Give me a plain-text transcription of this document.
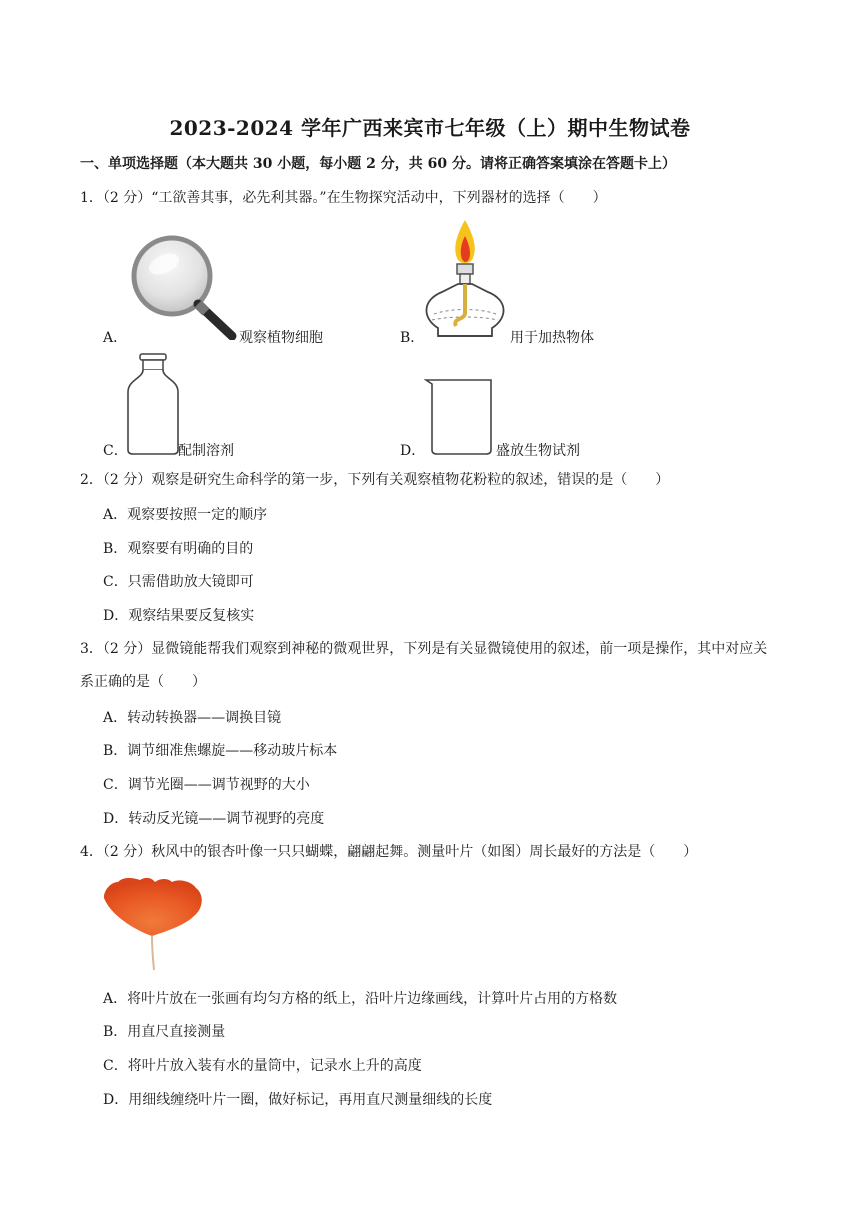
2023-2024 学年广西来宾市七年级（上）期中生物试卷
一、单项选择题（本大题共 30 小题，每小题 2 分，共 60 分。请将正确答案填涂在答题卡上）
1．（2 分）“工欲善其事，必先利其器。”在生物探究活动中，下列器材的选择（　　）
A．	观察植物细胞	B．	用于加热物体
C．	配制溶剂	D．	盛放生物试剂
2．（2 分）观察是研究生命科学的第一步，下列有关观察植物花粉粒的叙述，错误的是（　　）
A．观察要按照一定的顺序
B．观察要有明确的目的
C．只需借助放大镜即可
D．观察结果要反复核实
3．（2 分）显微镜能帮我们观察到神秘的微观世界，下列是有关显微镜使用的叙述，前一项是操作，其中对应关系正确的是（　　）
A．转动转换器——调换目镜
B．调节细准焦螺旋——移动玻片标本
C．调节光圈——调节视野的大小
D．转动反光镜——调节视野的亮度
4．（2 分）秋风中的银杏叶像一只只蝴蝶，翩翩起舞。测量叶片（如图）周长最好的方法是（　　）
A．将叶片放在一张画有均匀方格的纸上，沿叶片边缘画线，计算叶片占用的方格数
B．用直尺直接测量
C．将叶片放入装有水的量筒中，记录水上升的高度
D．用细线缠绕叶片一圈，做好标记，再用直尺测量细线的长度
